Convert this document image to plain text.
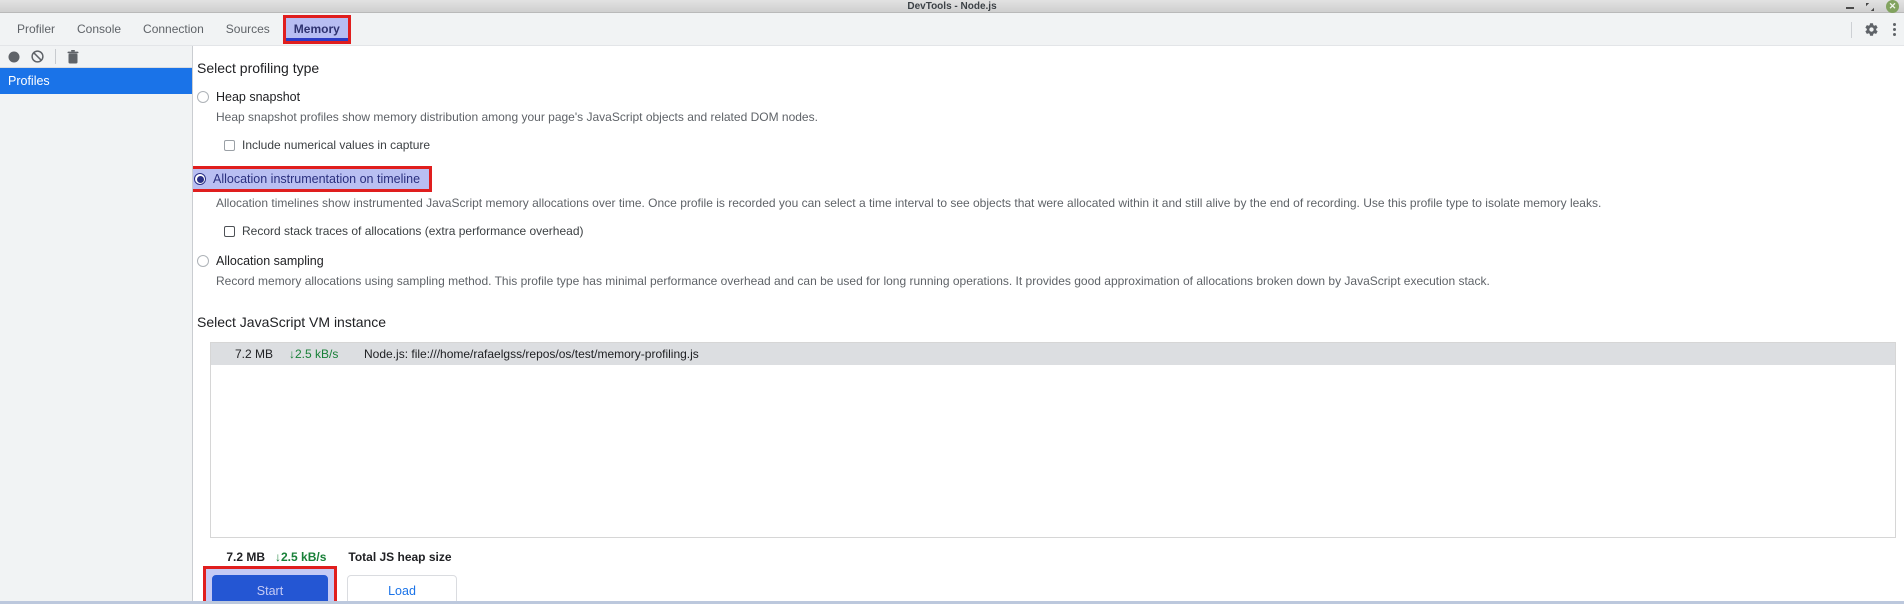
DevTools - Node.js	✕
Profiler	Console	Connection	Sources	Memory
Profiles
Select profiling type
Heap snapshot
Heap snapshot profiles show memory distribution among your page's JavaScript objects and related DOM nodes.
Include numerical values in capture
Allocation instrumentation on timeline
Allocation timelines show instrumented JavaScript memory allocations over time. Once profile is recorded you can select a time interval to see objects that were allocated within it and still alive by the end of recording. Use this profile type to isolate memory leaks.
Record stack traces of allocations (extra performance overhead)
Allocation sampling
Record memory allocations using sampling method. This profile type has minimal performance overhead and can be used for long running operations. It provides good approximation of allocations broken down by JavaScript execution stack.
Select JavaScript VM instance
7.2 MB ↓2.5 kB/s	Node.js: file:///home/rafaelgss/repos/os/test/memory-profiling.js
7.2 MB ↓2.5 kB/s Total JS heap size
Start	Load
